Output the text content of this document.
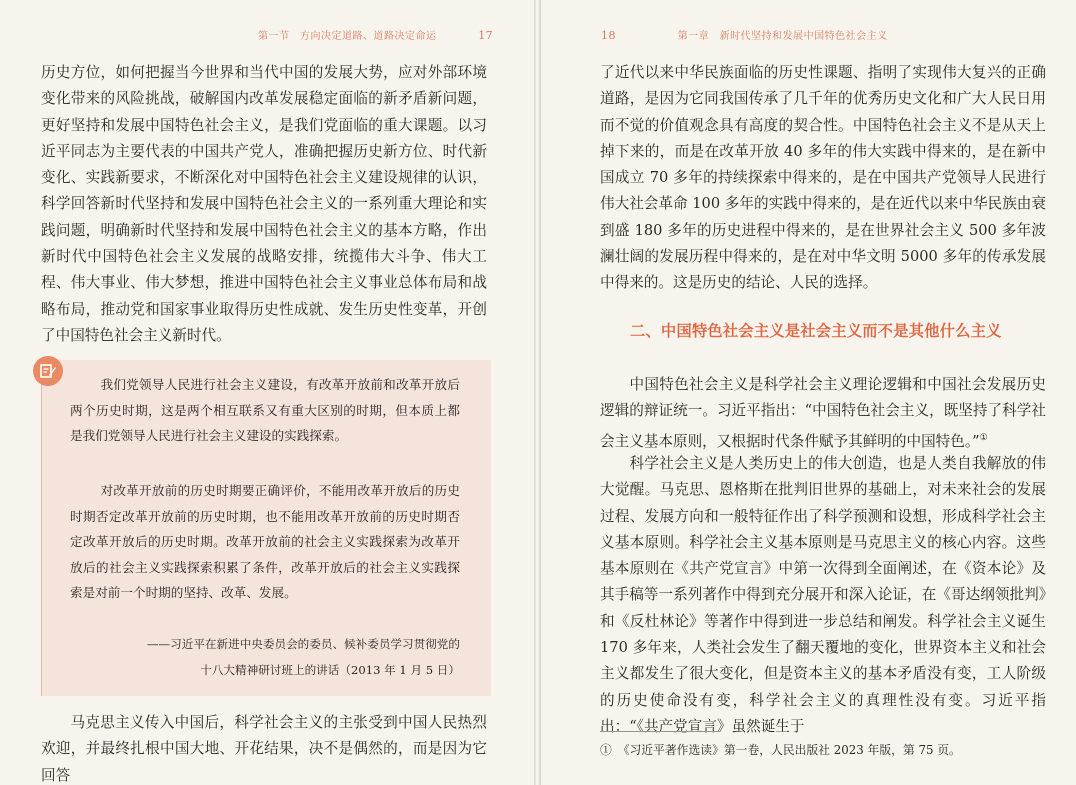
第一节　方向决定道路、道路决定命运	17

历史方位，如何把握当今世界和当代中国的发展大势，应对外部环境变化带来的风险挑战，破解国内改革发展稳定面临的新矛盾新问题，更好坚持和发展中国特色社会主义，是我们党面临的重大课题。以习近平同志为主要代表的中国共产党人，准确把握历史新方位、时代新变化、实践新要求，不断深化对中国特色社会主义建设规律的认识，科学回答新时代坚持和发展中国特色社会主义的一系列重大理论和实践问题，明确新时代坚持和发展中国特色社会主义的基本方略，作出新时代中国特色社会主义发展的战略安排，统揽伟大斗争、伟大工程、伟大事业、伟大梦想，推进中国特色社会主义事业总体布局和战略布局，推动党和国家事业取得历史性成就、发生历史性变革，开创了中国特色社会主义新时代。

我们党领导人民进行社会主义建设，有改革开放前和改革开放后两个历史时期，这是两个相互联系又有重大区别的时期，但本质上都是我们党领导人民进行社会主义建设的实践探索。

对改革开放前的历史时期要正确评价，不能用改革开放后的历史时期否定改革开放前的历史时期，也不能用改革开放前的历史时期否定改革开放后的历史时期。改革开放前的社会主义实践探索为改革开放后的社会主义实践探索积累了条件，改革开放后的社会主义实践探索是对前一个时期的坚持、改革、发展。

——习近平在新进中央委员会的委员、候补委员学习贯彻党的

十八大精神研讨班上的讲话（2013 年 1 月 5 日）

马克思主义传入中国后，科学社会主义的主张受到中国人民热烈欢迎，并最终扎根中国大地、开花结果，决不是偶然的，而是因为它回答

18	第一章　新时代坚持和发展中国特色社会主义

了近代以来中华民族面临的历史性课题、指明了实现伟大复兴的正确道路，是因为它同我国传承了几千年的优秀历史文化和广大人民日用而不觉的价值观念具有高度的契合性。中国特色社会主义不是从天上掉下来的，而是在改革开放 40 多年的伟大实践中得来的，是在新中国成立 70 多年的持续探索中得来的，是在中国共产党领导人民进行伟大社会革命 100 多年的实践中得来的，是在近代以来中华民族由衰到盛 180 多年的历史进程中得来的，是在世界社会主义 500 多年波澜壮阔的发展历程中得来的，是在对中华文明 5000 多年的传承发展中得来的。这是历史的结论、人民的选择。

二、中国特色社会主义是社会主义而不是其他什么主义

中国特色社会主义是科学社会主义理论逻辑和中国社会发展历史逻辑的辩证统一。习近平指出：“中国特色社会主义，既坚持了科学社会主义基本原则，又根据时代条件赋予其鲜明的中国特色。”①

科学社会主义是人类历史上的伟大创造，也是人类自我解放的伟大觉醒。马克思、恩格斯在批判旧世界的基础上，对未来社会的发展过程、发展方向和一般特征作出了科学预测和设想，形成科学社会主义基本原则。科学社会主义基本原则是马克思主义的核心内容。这些基本原则在《共产党宣言》中第一次得到全面阐述，在《资本论》及其手稿等一系列著作中得到充分展开和深入论证，在《哥达纲领批判》和《反杜林论》等著作中得到进一步总结和阐发。科学社会主义诞生 170 多年来，人类社会发生了翻天覆地的变化，世界资本主义和社会主义都发生了很大变化，但是资本主义的基本矛盾没有变，工人阶级的历史使命没有变，科学社会主义的真理性没有变。习近平指出：“《共产党宣言》虽然诞生于

①　《习近平著作选读》第一卷，人民出版社 2023 年版，第 75 页。
